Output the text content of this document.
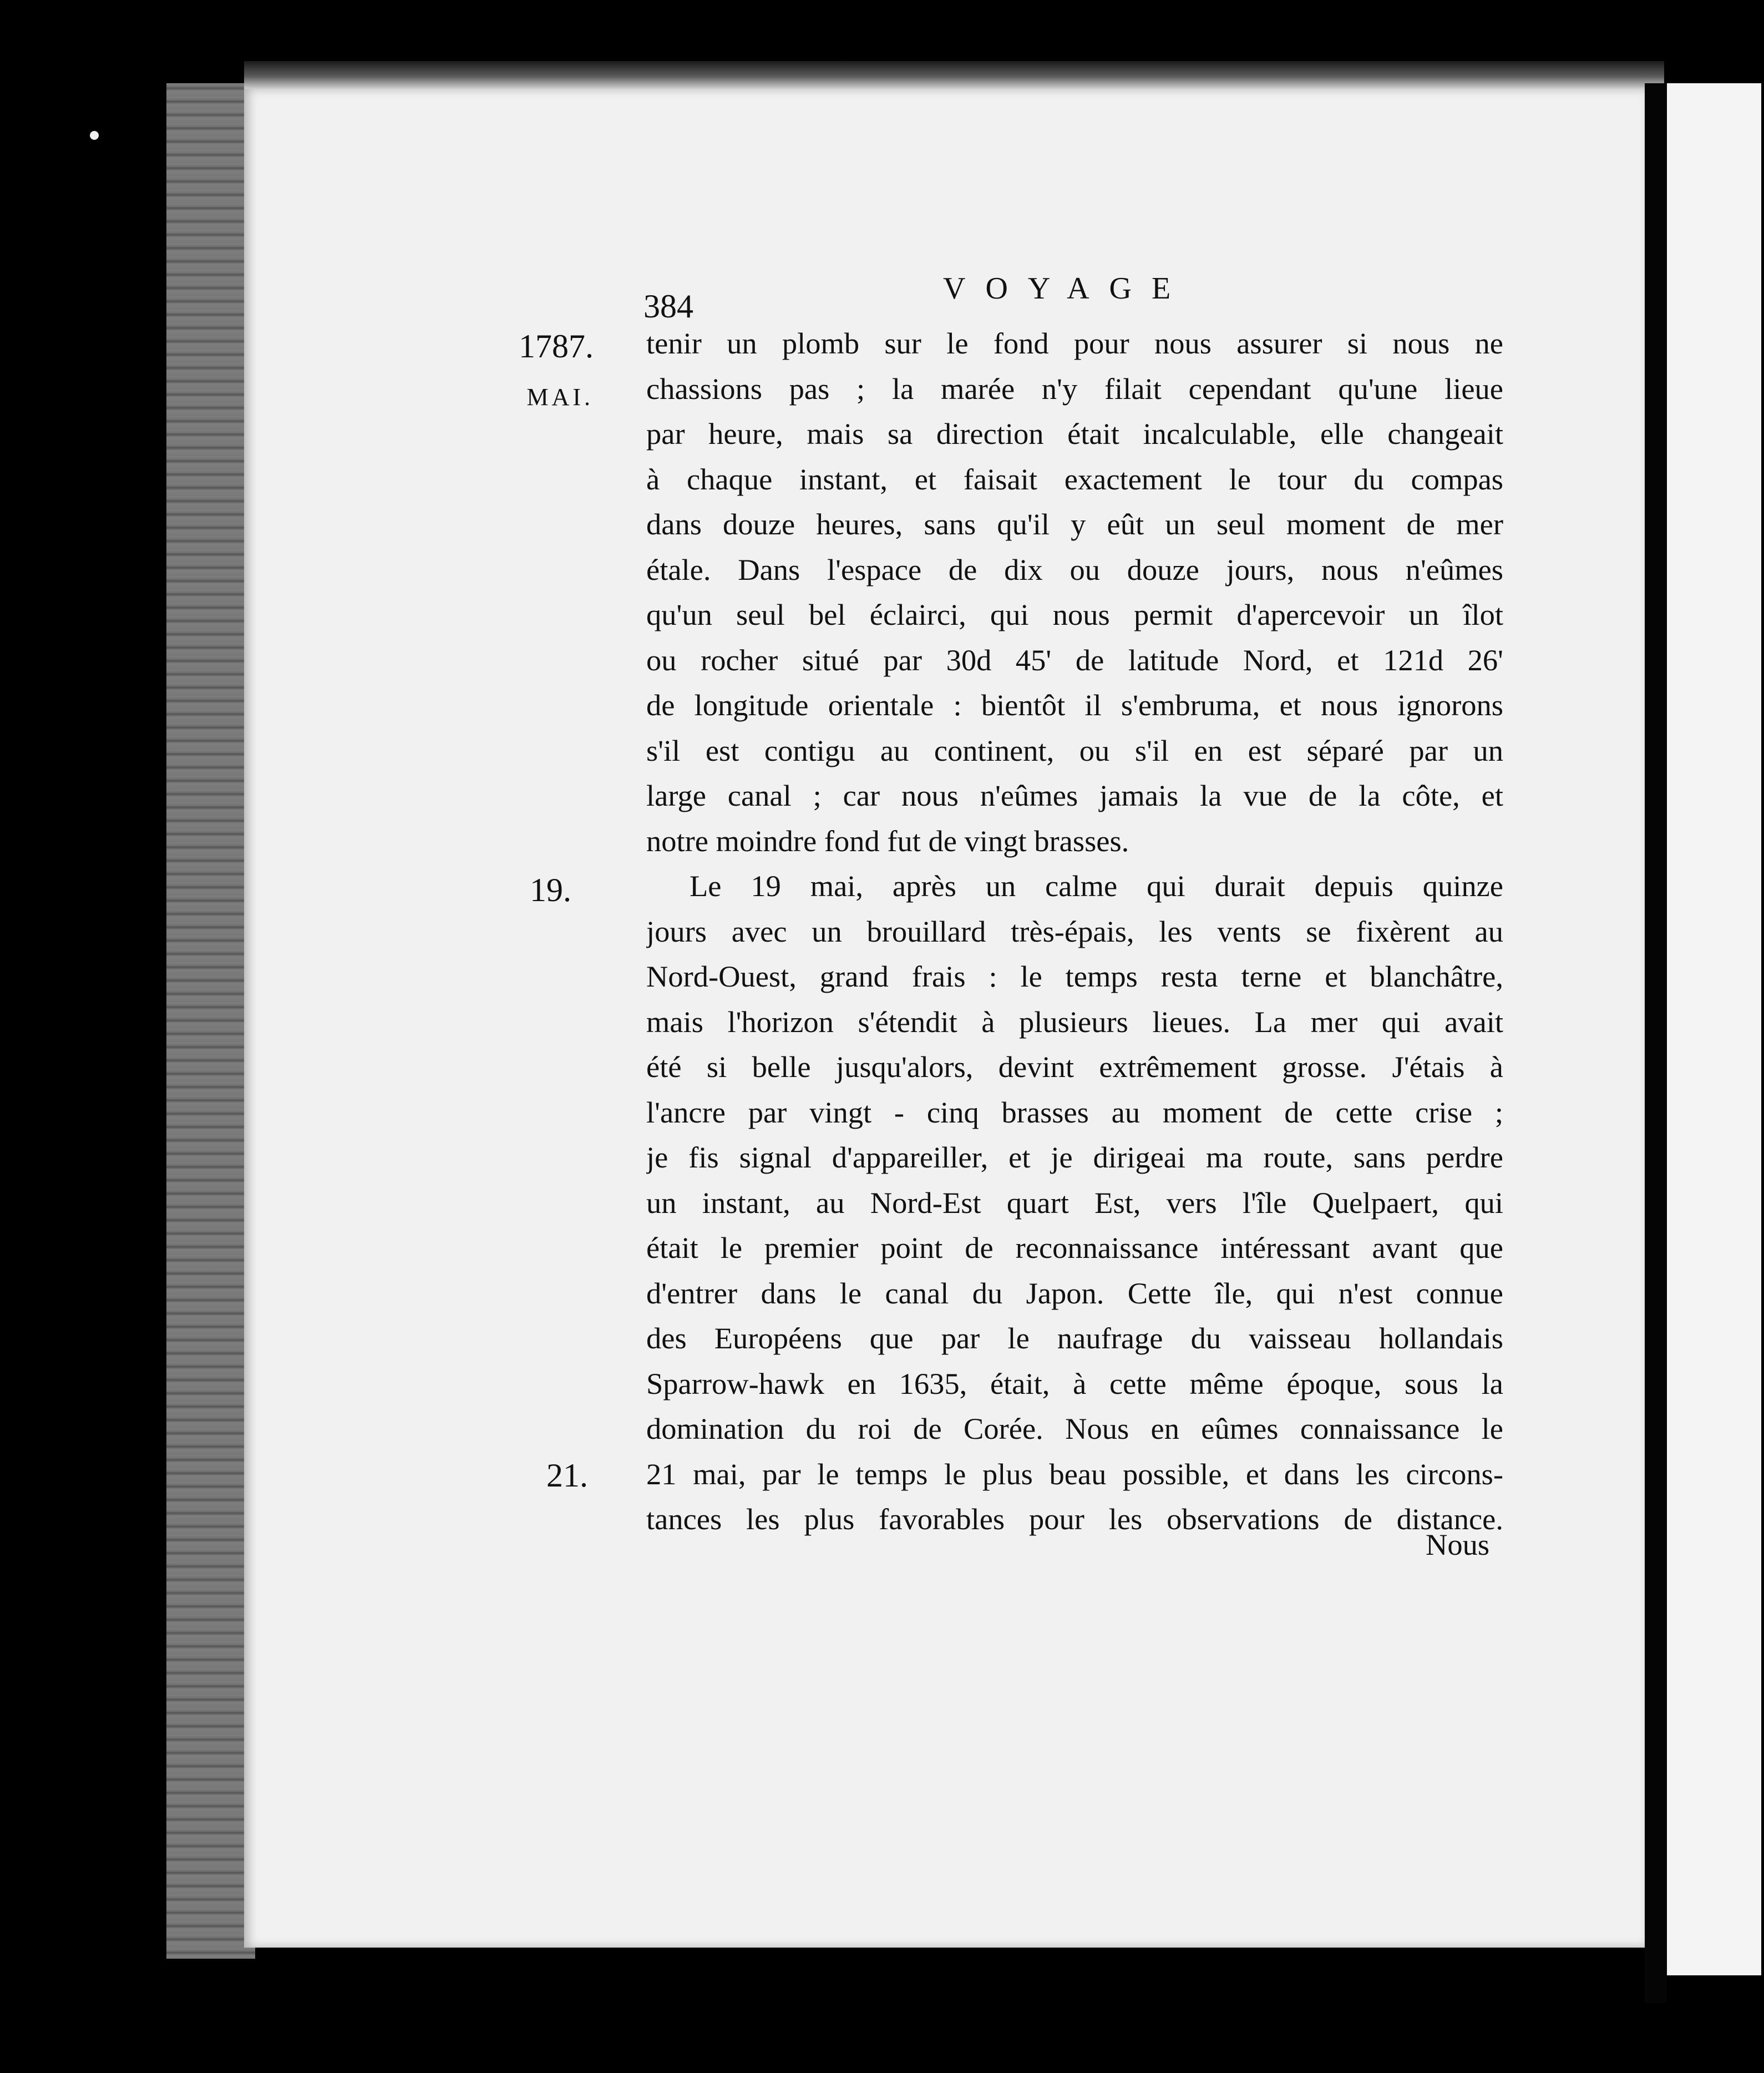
384	VOYAGE
1787.
MAI.
19.
21.
tenir un plomb sur le fond pour nous assurer si nous ne
chassions pas ; la marée n'y filait cependant qu'une lieue
par heure, mais sa direction était incalculable, elle changeait
à chaque instant, et faisait exactement le tour du compas
dans douze heures, sans qu'il y eût un seul moment de mer
étale. Dans l'espace de dix ou douze jours, nous n'eûmes
qu'un seul bel éclairci, qui nous permit d'apercevoir un îlot
ou rocher situé par 30d 45' de latitude Nord, et 121d 26'
de longitude orientale : bientôt il s'embruma, et nous ignorons
s'il est contigu au continent, ou s'il en est séparé par un
large canal ; car nous n'eûmes jamais la vue de la côte, et
notre moindre fond fut de vingt brasses.
Le 19 mai, après un calme qui durait depuis quinze
jours avec un brouillard très-épais, les vents se fixèrent au
Nord-Ouest, grand frais : le temps resta terne et blanchâtre,
mais l'horizon s'étendit à plusieurs lieues. La mer qui avait
été si belle jusqu'alors, devint extrêmement grosse. J'étais à
l'ancre par vingt - cinq brasses au moment de cette crise ;
je fis signal d'appareiller, et je dirigeai ma route, sans perdre
un instant, au Nord-Est quart Est, vers l'île Quelpaert, qui
était le premier point de reconnaissance intéressant avant que
d'entrer dans le canal du Japon. Cette île, qui n'est connue
des Européens que par le naufrage du vaisseau hollandais
Sparrow-hawk en 1635, était, à cette même époque, sous la
domination du roi de Corée. Nous en eûmes connaissance le
21 mai, par le temps le plus beau possible, et dans les circons-
tances les plus favorables pour les observations de distance.
Nous
